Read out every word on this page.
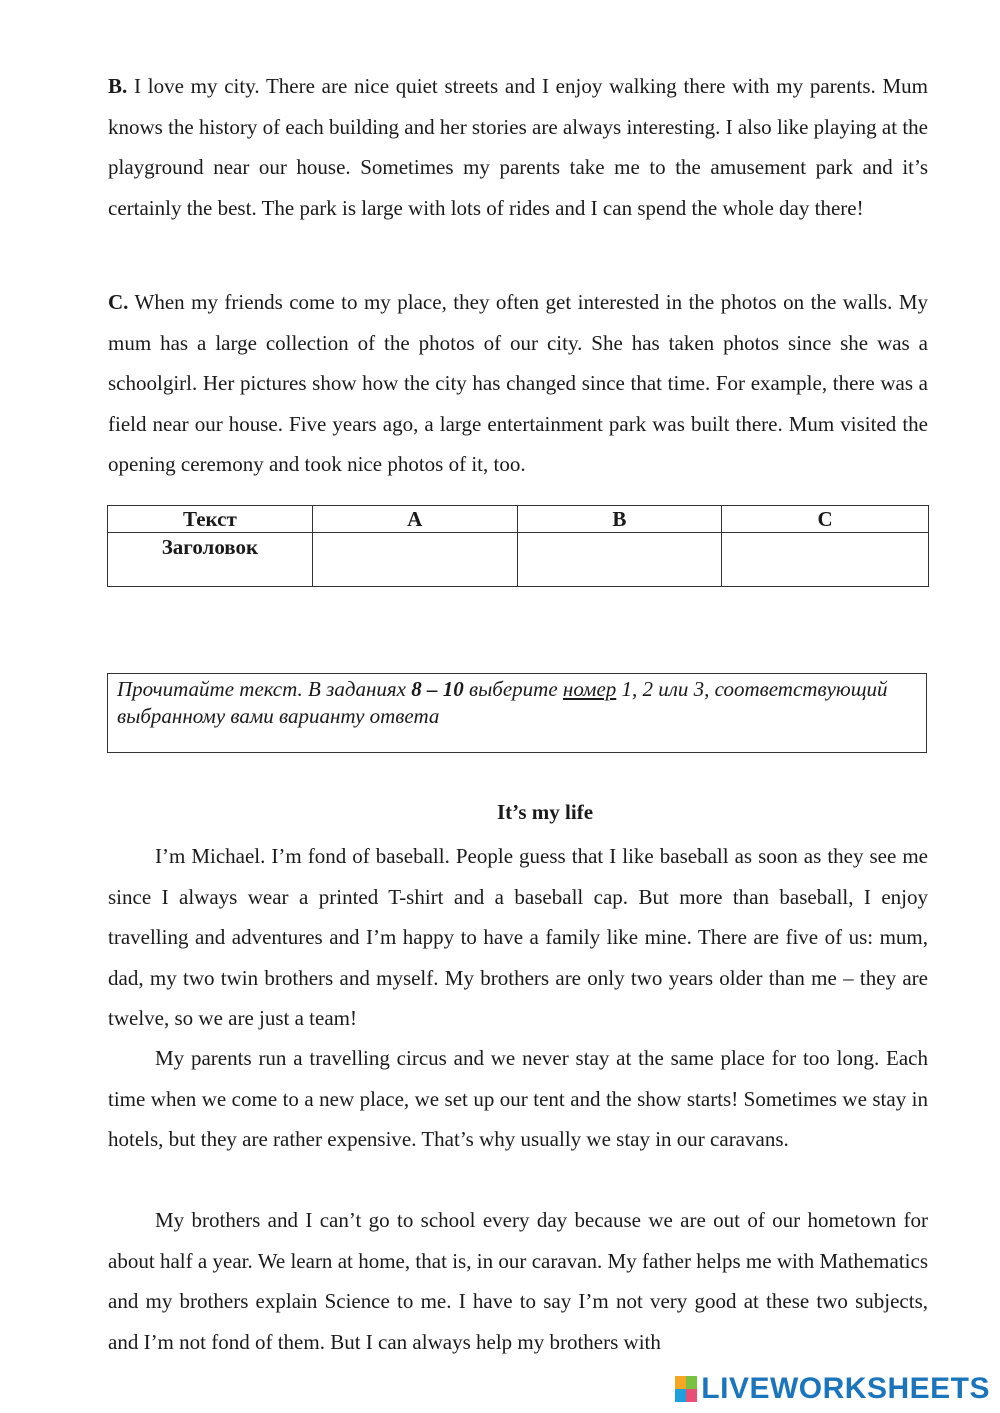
B. I love my city. There are nice quiet streets and I enjoy walking there with my parents. Mum knows the history of each building and her stories are always interesting. I also like playing at the playground near our house. Sometimes my parents take me to the amusement park and it’s certainly the best. The park is large with lots of rides and I can spend the whole day there!

C. When my friends come to my place, they often get interested in the photos on the walls. My mum has a large collection of the photos of our city. She has taken photos since she was a schoolgirl. Her pictures show how the city has changed since that time. For example, there was a field near our house. Five years ago, a large entertainment park was built there. Mum visited the opening ceremony and took nice photos of it, too.

Текст	A	B	C
Заголовок			
Прочитайте текст. В заданиях 8 – 10 выберите номер 1, 2 или 3, соответствующий выбранному вами варианту ответа
It’s my life

I’m Michael. I’m fond of baseball. People guess that I like baseball as soon as they see me since I always wear a printed T-shirt and a baseball cap. But more than baseball, I enjoy travelling and adventures and I’m happy to have a family like mine. There are five of us: mum, dad, my two twin brothers and myself. My brothers are only two years older than me – they are twelve, so we are just a team!

My parents run a travelling circus and we never stay at the same place for too long. Each time when we come to a new place, we set up our tent and the show starts! Sometimes we stay in hotels, but they are rather expensive. That’s why usually we stay in our caravans.

My brothers and I can’t go to school every day because we are out of our hometown for about half a year. We learn at home, that is, in our caravan. My father helps me with Mathematics and my brothers explain Science to me. I have to say I’m not very good at these two subjects, and I’m not fond of them. But I can always help my brothers with

LIVEWORKSHEETS
